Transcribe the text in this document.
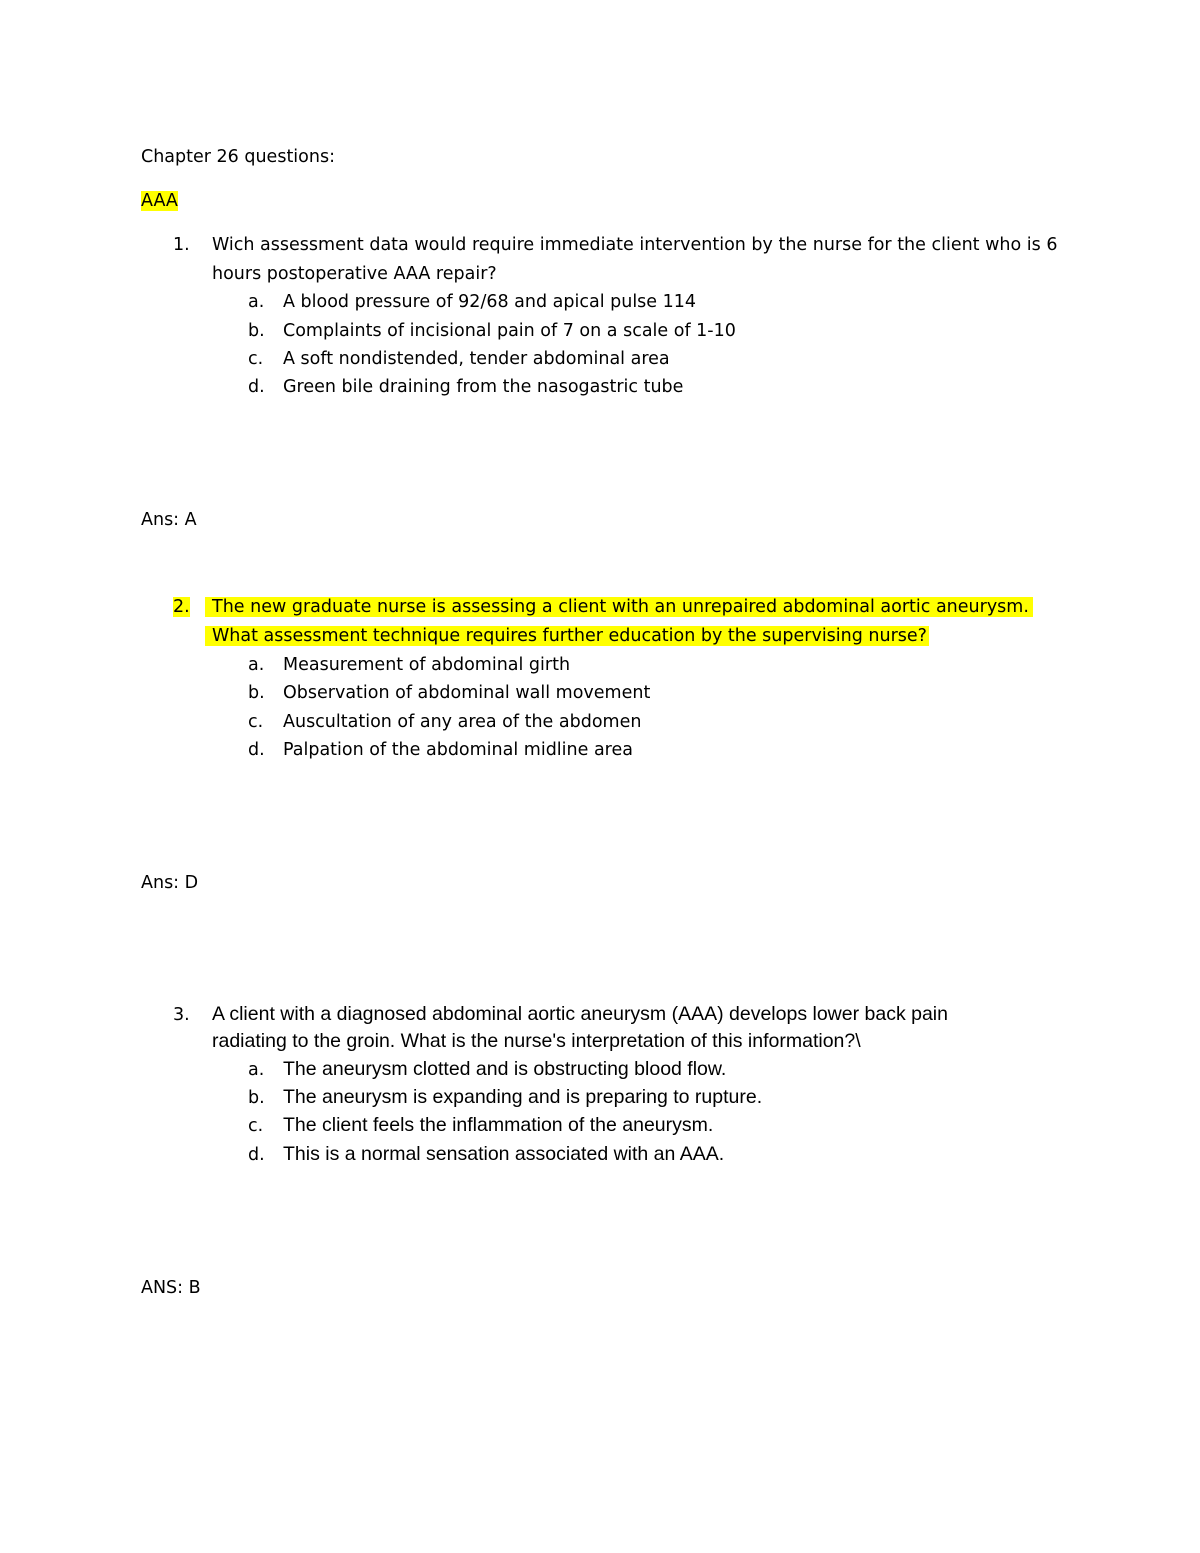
Chapter 26 questions:
AAA
1. Wich assessment data would require immediate intervention by the nurse for the client who is 6
hours postoperative AAA repair?
a. A blood pressure of 92/68 and apical pulse 114
b. Complaints of incisional pain of 7 on a scale of 1-10
c. A soft nondistended, tender abdominal area
d. Green bile draining from the nasogastric tube
Ans: A
2.	The new graduate nurse is assessing a client with an unrepaired abdominal aortic aneurysm.
What assessment technique requires further education by the supervising nurse?
a. Measurement of abdominal girth
b. Observation of abdominal wall movement
c. Auscultation of any area of the abdomen
d. Palpation of the abdominal midline area
Ans: D
3. A client with a diagnosed abdominal aortic aneurysm (AAA) develops lower back pain
radiating to the groin. What is the nurse's interpretation of this information?\
a. The aneurysm clotted and is obstructing blood flow.
b. The aneurysm is expanding and is preparing to rupture.
c. The client feels the inflammation of the aneurysm.
d. This is a normal sensation associated with an AAA.
ANS: B
